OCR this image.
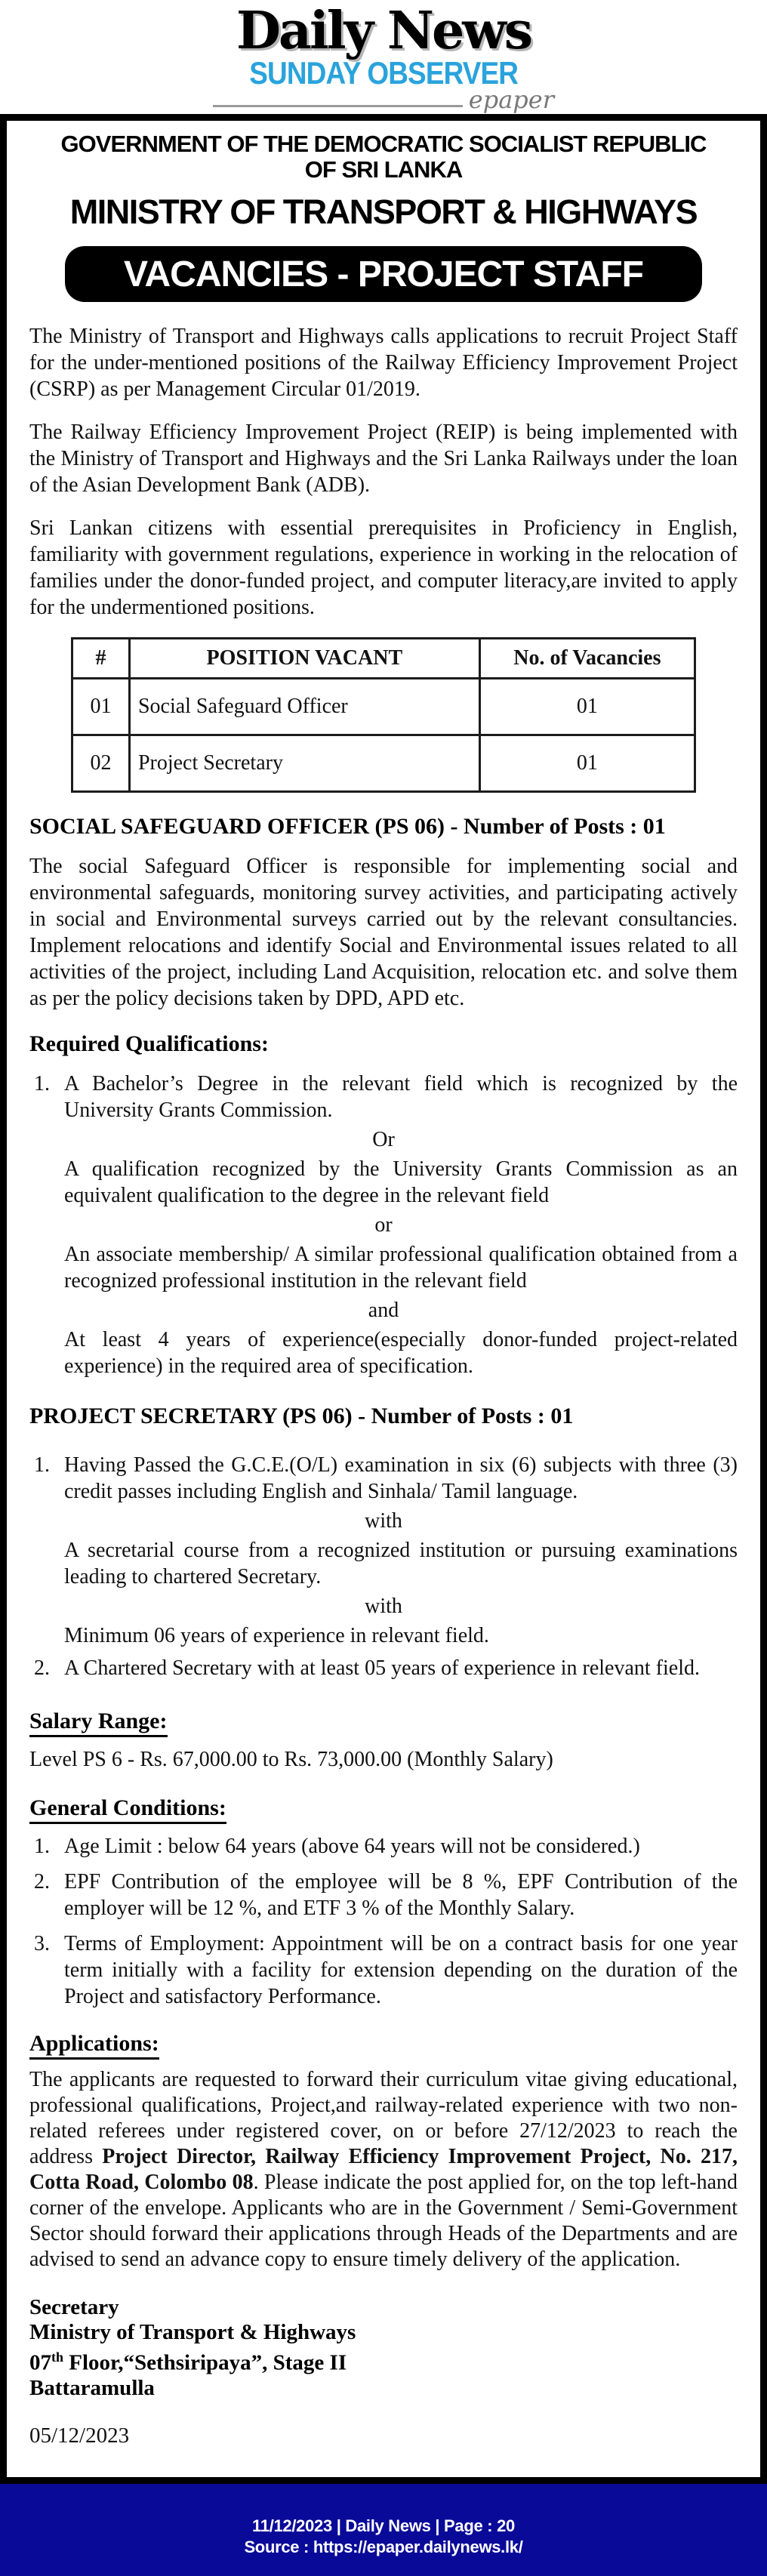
Daily News
SUNDAY OBSERVER
epaper
GOVERNMENT OF THE DEMOCRATIC SOCIALIST REPUBLIC
OF SRI LANKA
MINISTRY OF TRANSPORT & HIGHWAYS
VACANCIES - PROJECT STAFF

The Ministry of Transport and Highways calls applications to recruit Project Staff for the under-mentioned positions of the Railway Efficiency Improvement Project (CSRP) as per Management Circular 01/2019.

The Railway Efficiency Improvement Project (REIP) is being implemented with the Ministry of Transport and Highways and the Sri Lanka Railways under the loan of the Asian Development Bank (ADB).

Sri Lankan citizens with essential prerequisites in Proficiency in English, familiarity with government regulations, experience in working in the relocation of families under the donor-funded project, and computer literacy,are invited to apply for the undermentioned positions.

#	POSITION VACANT	No. of Vacancies
01	Social Safeguard Officer	01
02	Project Secretary	01
SOCIAL SAFEGUARD OFFICER (PS 06) - Number of Posts : 01

The social Safeguard Officer is responsible for implementing social and environmental safeguards, monitoring survey activities, and participating actively in social and Environmental surveys carried out by the relevant consultancies. Implement relocations and identify Social and Environmental issues related to all activities of the project, including Land Acquisition, relocation etc. and solve them as per the policy decisions taken by DPD, APD etc.

Required Qualifications:
1. A Bachelor’s Degree in the relevant field which is recognized by the University Grants Commission.
Or
A qualification recognized by the University Grants Commission as an equivalent qualification to the degree in the relevant field
or
An associate membership/ A similar professional qualification obtained from a recognized professional institution in the relevant field
and
At least 4 years of experience(especially donor-funded project-related experience) in the required area of specification.
PROJECT SECRETARY (PS 06) - Number of Posts : 01
1. Having Passed the G.C.E.(O/L) examination in six (6) subjects with three (3) credit passes including English and Sinhala/ Tamil language.
with
A secretarial course from a recognized institution or pursuing examinations leading to chartered Secretary.
with
Minimum 06 years of experience in relevant field.
2. A Chartered Secretary with at least 05 years of experience in relevant field.
Salary Range:
Level PS 6 - Rs. 67,000.00 to Rs. 73,000.00 (Monthly Salary)
General Conditions:
1. Age Limit : below 64 years (above 64 years will not be considered.)
2. EPF Contribution of the employee will be 8 %, EPF Contribution of the employer will be 12 %, and ETF 3 % of the Monthly Salary.
3. Terms of Employment: Appointment will be on a contract basis for one year term initially with a facility for extension depending on the duration of the Project and satisfactory Performance.
Applications:

The applicants are requested to forward their curriculum vitae giving educational, professional qualifications, Project,and railway-related experience with two non-related referees under registered cover, on or before 27/12/2023 to reach the address Project Director, Railway Efficiency Improvement Project, No. 217, Cotta Road, Colombo 08. Please indicate the post applied for, on the top left-hand corner of the envelope. Applicants who are in the Government / Semi-Government Sector should forward their applications through Heads of the Departments and are advised to send an advance copy to ensure timely delivery of the application.

Secretary
Ministry of Transport & Highways
07th Floor,“Sethsiripaya”, Stage II
Battaramulla
05/12/2023
11/12/2023 | Daily News | Page : 20
Source : https://epaper.dailynews.lk/
